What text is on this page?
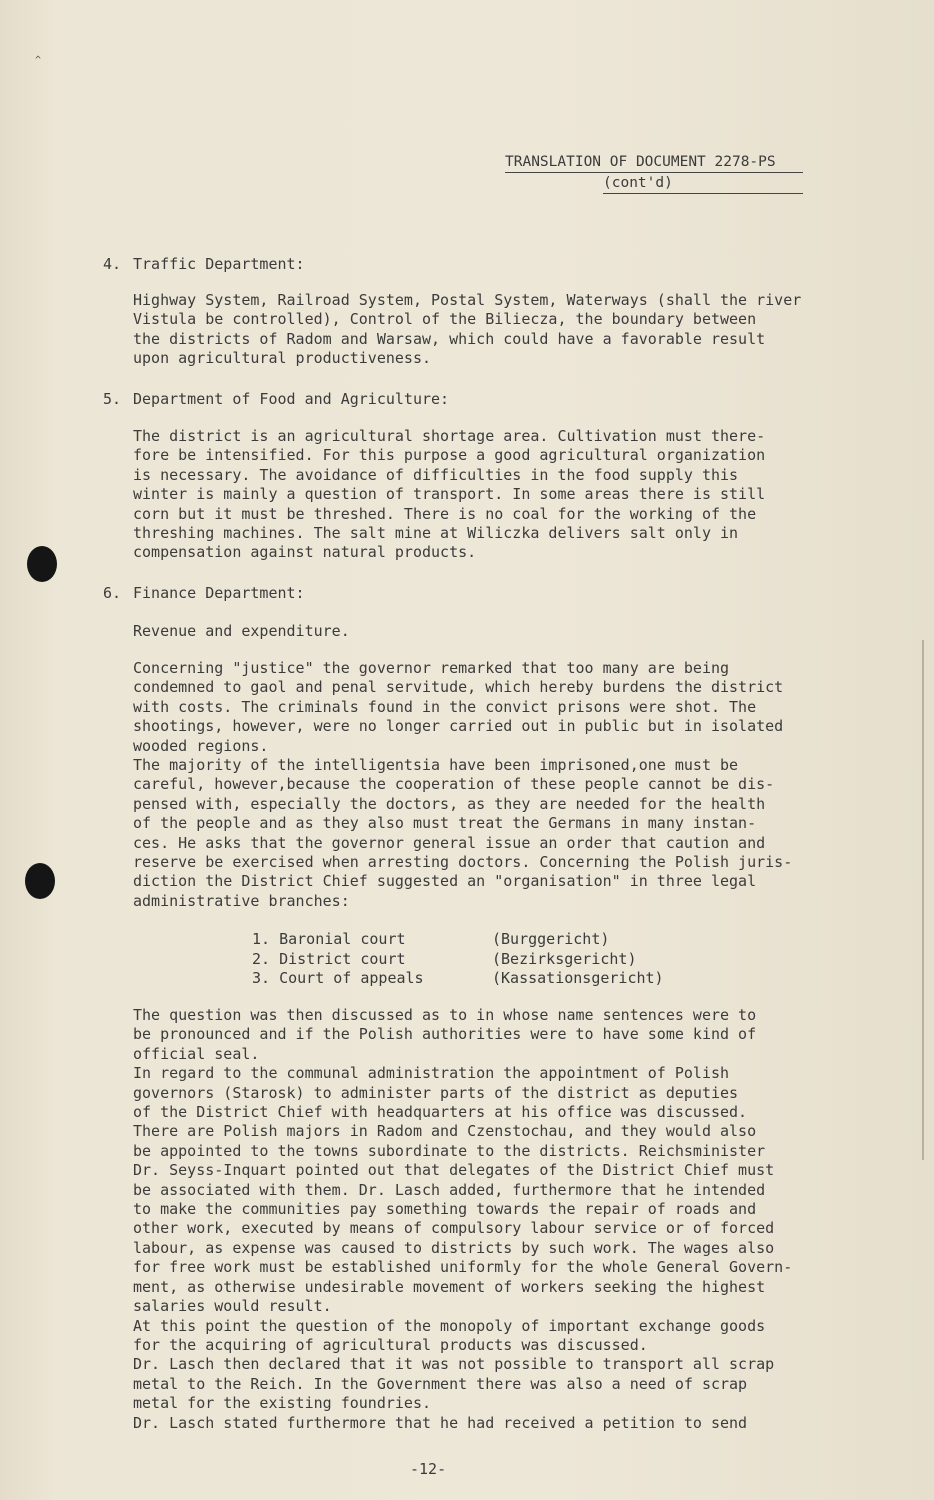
^
TRANSLATION OF DOCUMENT 2278-PS
(cont'd)
4. Traffic Department:
Highway System, Railroad System, Postal System, Waterways (shall the river
Vistula be controlled), Control of the Biliecza, the boundary between
the districts of Radom and Warsaw, which could have a favorable result
upon agricultural productiveness.
5. Department of Food and Agriculture:
The district is an agricultural shortage area. Cultivation must there-
fore be intensified. For this purpose a good agricultural organization
is necessary. The avoidance of difficulties in the food supply this
winter is mainly a question of transport. In some areas there is still
corn but it must be threshed. There is no coal for the working of the
threshing machines. The salt mine at Wiliczka delivers salt only in
compensation against natural products.
6. Finance Department:
Revenue and expenditure.
Concerning "justice" the governor remarked that too many are being
condemned to gaol and penal servitude, which hereby burdens the district
with costs. The criminals found in the convict prisons were shot. The
shootings, however, were no longer carried out in public but in isolated
wooded regions.
The majority of the intelligentsia have been imprisoned,one must be
careful, however,because the cooperation of these people cannot be dis-
pensed with, especially the doctors, as they are needed for the health
of the people and as they also must treat the Germans in many instan-
ces. He asks that the governor general issue an order that caution and
reserve be exercised when arresting doctors. Concerning the Polish juris-
diction the District Chief suggested an "organisation" in three legal
administrative branches:
1. Baronial court	(Burggericht)
2. District court	(Bezirksgericht)
3. Court of appeals	(Kassationsgericht)
The question was then discussed as to in whose name sentences were to
be pronounced and if the Polish authorities were to have some kind of
official seal.
In regard to the communal administration the appointment of Polish
governors (Starosk) to administer parts of the district as deputies
of the District Chief with headquarters at his office was discussed.
There are Polish majors in Radom and Czenstochau, and they would also
be appointed to the towns subordinate to the districts. Reichsminister
Dr. Seyss-Inquart pointed out that delegates of the District Chief must
be associated with them. Dr. Lasch added, furthermore that he intended
to make the communities pay something towards the repair of roads and
other work, executed by means of compulsory labour service or of forced
labour, as expense was caused to districts by such work. The wages also
for free work must be established uniformly for the whole General Govern-
ment, as otherwise undesirable movement of workers seeking the highest
salaries would result.
At this point the question of the monopoly of important exchange goods
for the acquiring of agricultural products was discussed.
Dr. Lasch then declared that it was not possible to transport all scrap
metal to the Reich. In the Government there was also a need of scrap
metal for the existing foundries.
Dr. Lasch stated furthermore that he had received a petition to send
-12-
